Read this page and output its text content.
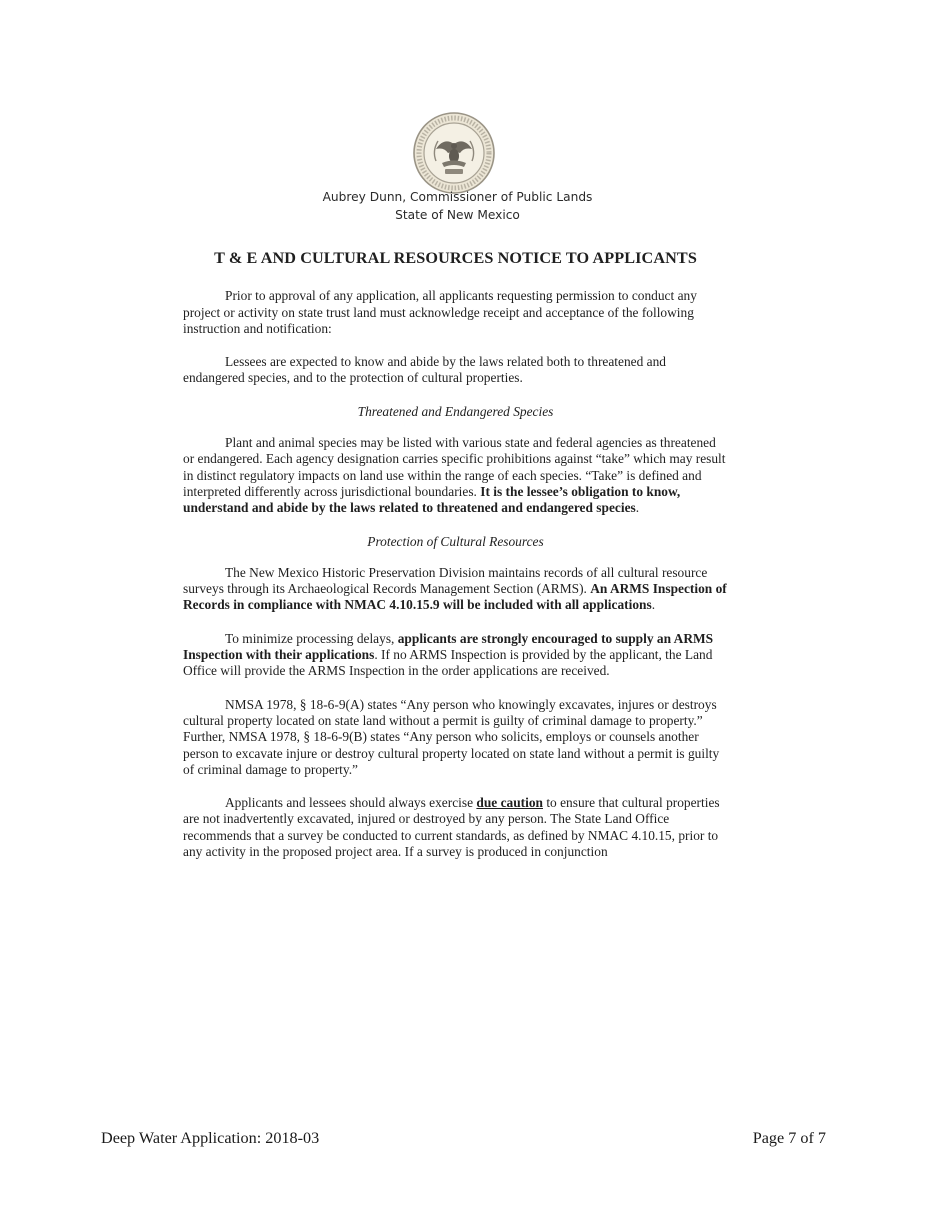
Aubrey Dunn, Commissioner of Public Lands
State of New Mexico
T & E AND CULTURAL RESOURCES NOTICE TO APPLICANTS

Prior to approval of any application, all applicants requesting permission to conduct any project or activity on state trust land must acknowledge receipt and acceptance of the following instruction and notification:

Lessees are expected to know and abide by the laws related both to threatened and endangered species, and to the protection of cultural properties.

Threatened and Endangered Species

Plant and animal species may be listed with various state and federal agencies as threatened or endangered. Each agency designation carries specific prohibitions against “take” which may result in distinct regulatory impacts on land use within the range of each species. “Take” is defined and interpreted differently across jurisdictional boundaries. It is the lessee’s obligation to know, understand and abide by the laws related to threatened and endangered species.

Protection of Cultural Resources

The New Mexico Historic Preservation Division maintains records of all cultural resource surveys through its Archaeological Records Management Section (ARMS). An ARMS Inspection of Records in compliance with NMAC 4.10.15.9 will be included with all applications.

To minimize processing delays, applicants are strongly encouraged to supply an ARMS Inspection with their applications. If no ARMS Inspection is provided by the applicant, the Land Office will provide the ARMS Inspection in the order applications are received.

NMSA 1978, § 18-6-9(A) states “Any person who knowingly excavates, injures or destroys cultural property located on state land without a permit is guilty of criminal damage to property.” Further, NMSA 1978, § 18-6-9(B) states “Any person who solicits, employs or counsels another person to excavate injure or destroy cultural property located on state land without a permit is guilty of criminal damage to property.”

Applicants and lessees should always exercise due caution to ensure that cultural properties are not inadvertently excavated, injured or destroyed by any person. The State Land Office recommends that a survey be conducted to current standards, as defined by NMAC 4.10.15, prior to any activity in the proposed project area. If a survey is produced in conjunction

Deep Water Application: 2018-03	Page 7 of 7
